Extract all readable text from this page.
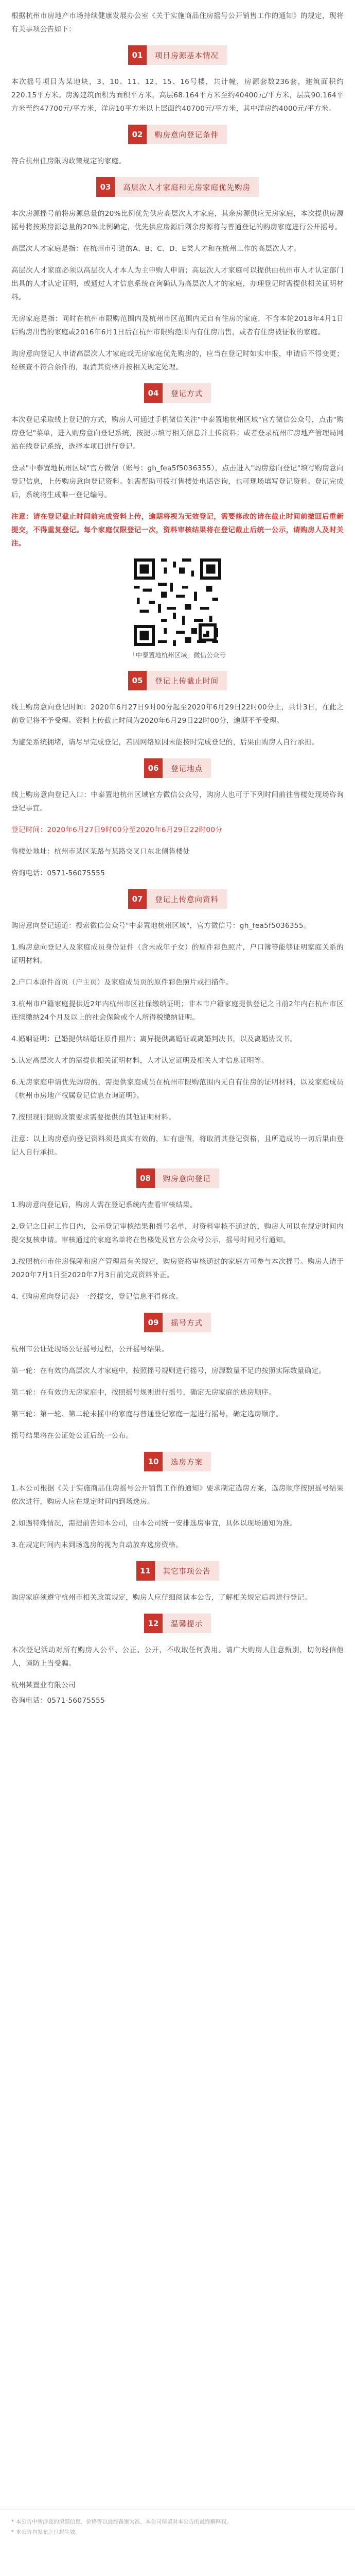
根据杭州市房地产市场持续健康发展办公室《关于实施商品住房摇号公开销售工作的通知》的规定，现将有关事项公告如下：

01	项目房源基本情况

本次摇号项目为某地块，3、10、11、12、15、16号楼，共计幢，房源套数236套，建筑面积约220.15平方米。房源建筑面积为面积平方米，高层68.164平方米至约40400元/平方米，层高90.164平方米至约47700元/平方米，洋房10平方米以上层面约40700元/平方米，其中洋房约4000元/平方米。

02	购房意向登记条件

符合杭州住房限购政策规定的家庭。

03	高层次人才家庭和无房家庭优先购房

本次房源摇号前将房源总量的20%比例优先供应高层次人才家庭，其余房源供应无房家庭，本次提供房源摇号将按照房源总量的20%比例确定，优先供应房源后剩余房源将与普通登记的购房家庭进行公开摇号。

高层次人才家庭是指：在杭州市引进的A、B、C、D、E类人才和在杭州工作的高层次人才。

高层次人才家庭必须以高层次人才本人为主申购人申请；高层次人才家庭可以提供由杭州市人才认定部门出具的人才认定证明，或通过人才信息系统查询确认为高层次人才的家庭，办理登记时需提供相关证明材料。

无房家庭是指：同时在杭州市限购范围内及杭州市区范围内无自有住房的家庭，不含本轮2018年4月1日后购房出售的家庭或2016年6月1日后在杭州市限购范围内有住房出售，或者有住房被征收的家庭。

购房意向登记人申请高层次人才家庭或无房家庭优先购房的，应当在登记时如实申报，申请后不得变更；经核查不符合条件的，取消其资格并按相关规定处理。

04	登记方式

本次登记采取线上登记的方式，购房人可通过手机微信关注"中泰置地杭州区域"官方微信公众号，点击"购房登记"菜单，进入购房意向登记系统，按提示填写相关信息并上传资料；或者登录杭州市房地产管理局网站在线登记系统，选择本项目进行登记。

登录"中泰置地杭州区域"官方微信（账号：gh_fea5f5036355），点击进入"购房意向登记"填写购房意向登记信息，上传购房意向登记资料。如需帮助可拨打售楼处电话咨询，也可现场填写登记资料。登记完成后，系统将生成唯一登记编号。

注意：请在登记截止时间前完成资料上传，逾期将视为无效登记，需要修改的请在截止时间前撤回后重新提交，不得重复登记。每个家庭仅限登记一次，资料审核结果将在登记截止后统一公示，请购房人及时关注。

「中泰置地杭州区域」微信公众号
05	登记上传截止时间

线上购房意向登记时间：2020年6月27日9时00分起至2020年6月29日22时00分止，共计3日，在此之前登记将不予受理。资料上传截止时间为2020年6月29日22时00分，逾期不予受理。

为避免系统拥堵，请尽早完成登记，若因网络原因未能按时完成登记的，后果由购房人自行承担。

06	登记地点

线上购房意向登记入口：中泰置地杭州区域官方微信公众号，购房人也可于下列时间前往售楼处现场咨询登记事宜。

登记时间：2020年6月27日9时00分至2020年6月29日22时00分

售楼处地址：杭州市某区某路与某路交叉口东北侧售楼处

咨询电话：0571-56075555

07	登记上传意向资料

购房意向登记通道：搜索微信公众号"中泰置地杭州区域"，官方微信号：gh_fea5f5036355。

1.购房意向登记人及家庭成员身份证件（含未成年子女）的原件彩色照片，户口簿等能够证明家庭关系的证明材料。

2.户口本原件首页（户主页）及家庭成员页的原件彩色照片或扫描件。

3.杭州市户籍家庭提供近2年内杭州市区社保缴纳证明；非本市户籍家庭提供登记之日前2年内在杭州市区连续缴纳24个月及以上的社会保险或个人所得税缴纳证明。

4.婚姻证明：已婚提供结婚证原件照片；离异提供离婚证或离婚判决书，以及离婚协议书。

5.认定高层次人才的需提供相关证明材料，人才认定证明及相关人才信息证明等。

6.无房家庭申请优先购房的，需提供家庭成员在杭州市限购范围内无自有住房的证明材料，以及家庭成员《杭州市房地产权属登记信息查询证明》。

7.按照现行限购政策要求需要提供的其他证明材料。

注意：以上购房意向登记资料须是真实有效的，如有虚假，将取消其登记资格，且所造成的一切后果由登记人自行承担。

08	购房意向登记

1.购房意向登记后，购房人需在登记系统内查看审核结果。

2.登记之日起工作日内，公示登记审核结果和摇号名单，对资料审核不通过的，购房人可以在规定时间内提交复核申请。审核通过的家庭名单将在售楼处及官方公众号公示，摇号时间另行通知。

3.按照杭州市住房保障和房产管理局有关规定，购房资格审核通过的家庭方可参与本次摇号。购房人请于2020年7月1日至2020年7月3日前完成资料补正。

4.《购房意向登记表》一经提交，登记信息不得修改。

09	摇号方式

杭州市公证处现场公证摇号过程，公开摇号结果。

第一轮：在有效的高层次人才家庭中，按照摇号规则进行摇号，房源数量不足的按照实际数量确定。

第二轮：在有效的无房家庭中，按照摇号规则进行摇号，确定无房家庭的选房顺序。

第三轮：第一轮、第二轮未摇中的家庭与普通登记家庭一起进行摇号，确定选房顺序。

摇号结果将在公证处公证后统一公布。

10	选房方案

1.本公司根据《关于实施商品住房摇号公开销售工作的通知》要求制定选房方案，选房顺序按照摇号结果依次进行，购房人应在规定时间内到场选房。

2.如遇特殊情况，需提前告知本公司，由本公司统一安排选房事宜，具体以现场通知为准。

3.在规定时间内未到场选房的视为自动放弃选房资格。

11	其它事项公告

购房家庭须遵守杭州市相关政策规定，购房人应仔细阅读本公告，了解相关规定后再进行登记。

12	温馨提示

本次登记活动对所有购房人公平、公正、公开，不收取任何费用。请广大购房人注意甄别，切勿轻信他人，谨防上当受骗。

杭州某置业有限公司

咨询电话：0571-56075555

* 本公告中所涉及的房源信息、价格等以最终备案为准，本公司保留对本公告的最终解释权。

* 本公告自发布之日起生效。
